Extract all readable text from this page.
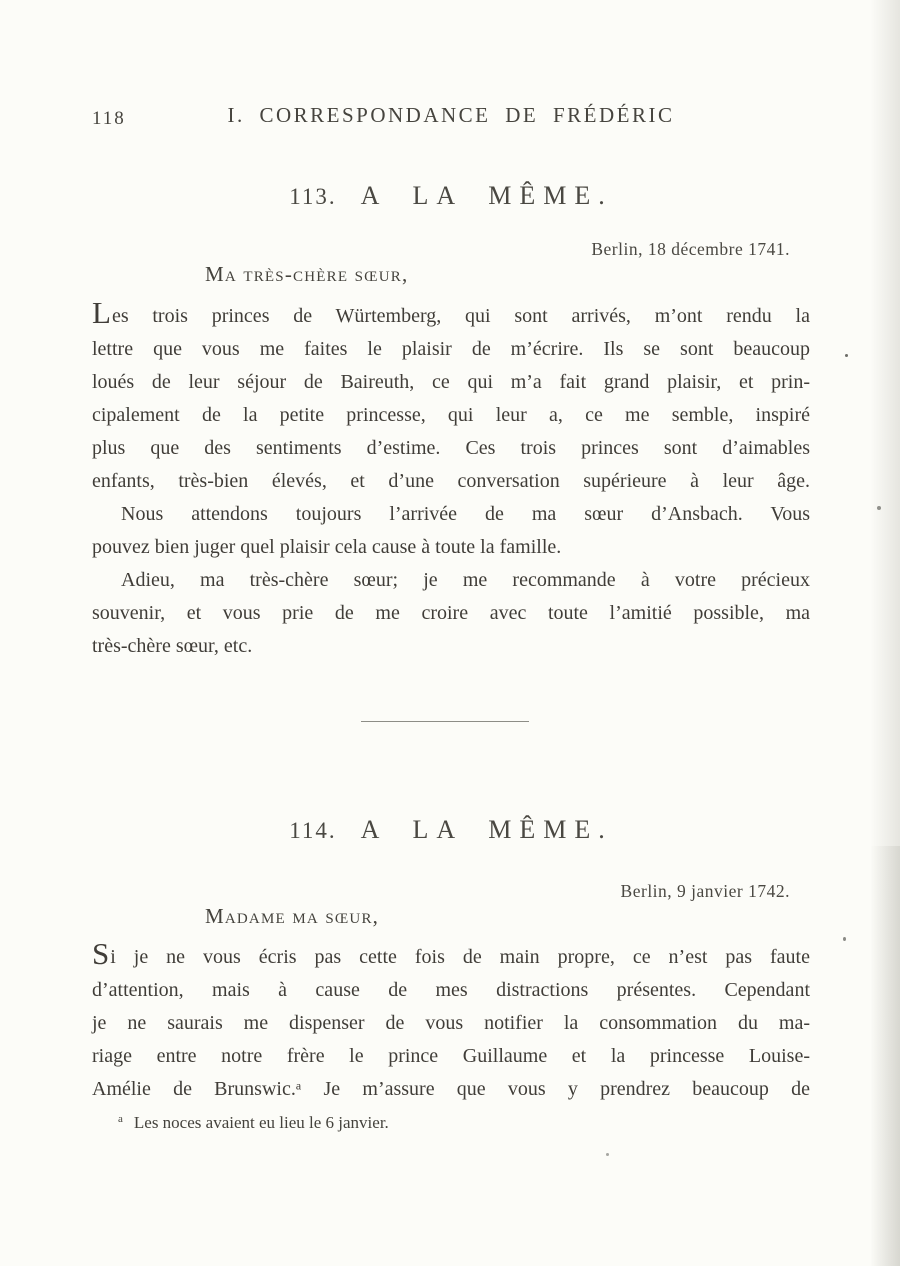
118	I. CORRESPONDANCE DE FRÉDÉRIC
113. A LA MÊME.
Berlin, 18 décembre 1741.
Ma très-chère sœur,
Les trois princes de Würtemberg, qui sont arrivés, m’ont rendu la
lettre que vous me faites le plaisir de m’écrire. Ils se sont beaucoup
loués de leur séjour de Baireuth, ce qui m’a fait grand plaisir, et prin-
cipalement de la petite princesse, qui leur a, ce me semble, inspiré
plus que des sentiments d’estime. Ces trois princes sont d’aimables
enfants, très-bien élevés, et d’une conversation supérieure à leur âge.
Nous attendons toujours l’arrivée de ma sœur d’Ansbach. Vous
pouvez bien juger quel plaisir cela cause à toute la famille.
Adieu, ma très-chère sœur; je me recommande à votre précieux
souvenir, et vous prie de me croire avec toute l’amitié possible, ma
très-chère sœur, etc.
114. A LA MÊME.
Berlin, 9 janvier 1742.
Madame ma sœur,
Si je ne vous écris pas cette fois de main propre, ce n’est pas faute
d’attention, mais à cause de mes distractions présentes. Cependant
je ne saurais me dispenser de vous notifier la consommation du ma-
riage entre notre frère le prince Guillaume et la princesse Louise-
Amélie de Brunswic.ᵃ Je m’assure que vous y prendrez beaucoup de
$^a$ Les noces avaient eu lieu le 6 janvier.
